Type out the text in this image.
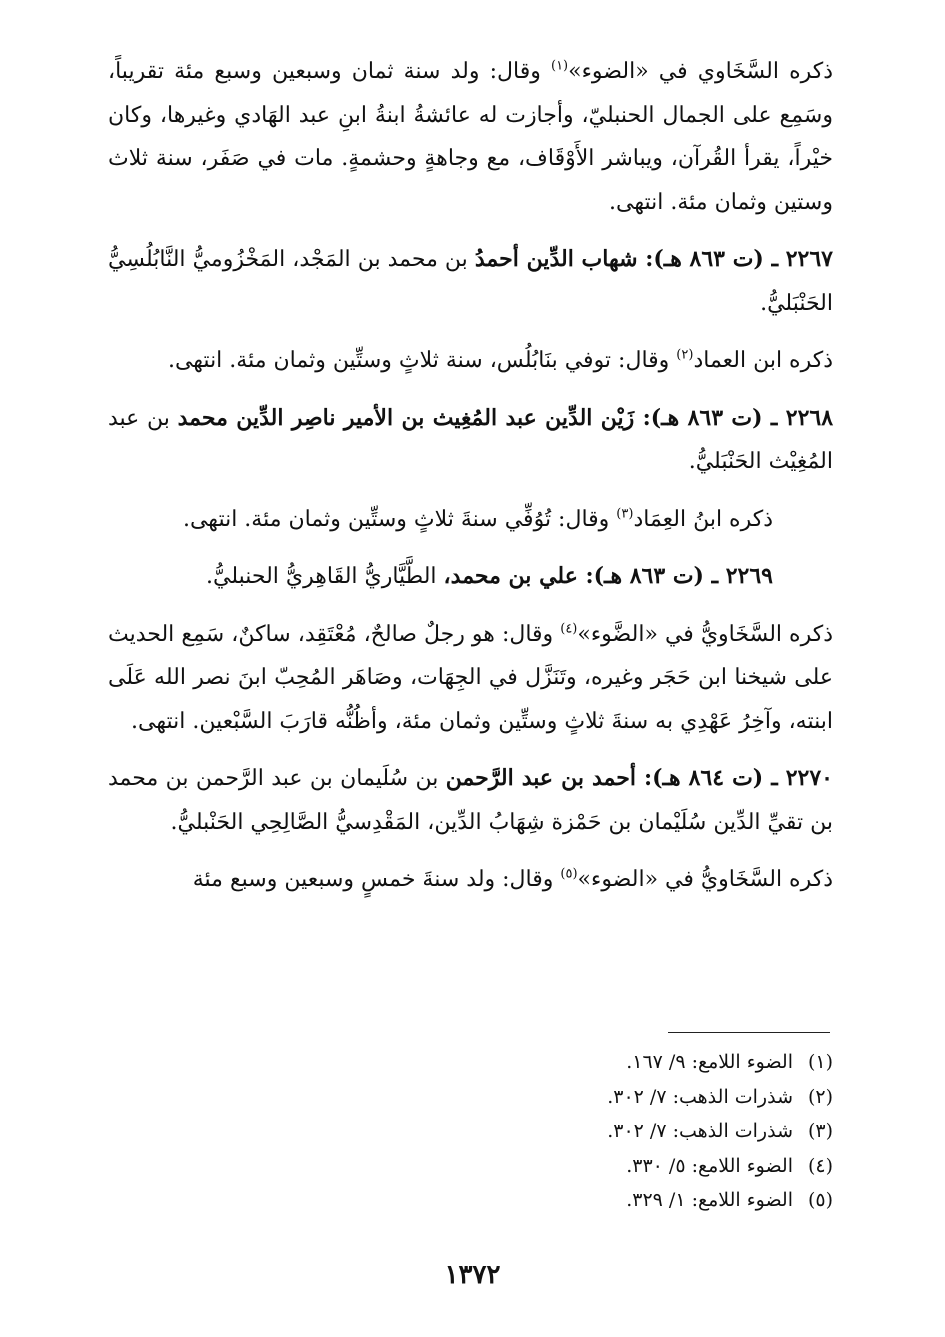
ذكره السَّخَاوي في «الضوء»$^{(١)}$ وقال: ولد سنة ثمان وسبعين وسبع مئة تقريباً، وسَمِع على الجمال الحنبليّ، وأجازت له عائشةُ ابنةُ ابنِ عبد الهَادي وغيرها، وكان خيْراً، يقرأ القُرآن، ويباشر الأَوْقَاف، مع وجاهةٍ وحشمةٍ. مات في صَفَر، سنة ثلاث وستين وثمان مئة. انتهى.

٢٢٦٧ ـ (ت ٨٦٣ هـ): شهاب الدِّين أحمدُ بن محمد بن المَجْد، المَخْزُوميُّ النَّابُلُسِيُّ الحَنْبَليُّ.

ذكره ابن العماد$^{(٢)}$ وقال: توفي بنَابُلُس، سنة ثلاثٍ وستِّين وثمان مئة. انتهى.

٢٢٦٨ ـ (ت ٨٦٣ هـ): زَيْن الدِّين عبد المُغِيث بن الأمير ناصِر الدِّين محمد بن عبد المُغِيْث الحَنْبَليُّ.

ذكره ابنُ العِمَاد$^{(٣)}$ وقال: تُوُفِّي سنةَ ثلاثٍ وستِّين وثمان مئة. انتهى.

٢٢٦٩ ـ (ت ٨٦٣ هـ): علي بن محمد، الطَّيَّاريُّ القَاهِريُّ الحنبليُّ.

ذكره السَّخَاويُّ في «الضَّوء»$^{(٤)}$ وقال: هو رجلٌ صالحٌ، مُعْتَقِد، ساكنٌ، سَمِع الحديث على شيخنا ابن حَجَر وغيره، وتَنَزَّل في الجِهَات، وصَاهَر المُحِبّ ابنَ نصر الله عَلَى ابنته، وآخِرُ عَهْدِي به سنةَ ثلاثٍ وستِّين وثمان مئة، وأظُنُّه قارَبَ السَّبْعين. انتهى.

٢٢٧٠ ـ (ت ٨٦٤ هـ): أحمد بن عبد الرَّحمن بن سُلَيمان بن عبد الرَّحمن بن محمد بن تقيِّ الدِّين سُلَيْمان بن حَمْزة شِهَابُ الدِّين، المَقْدِسيُّ الصَّالِحِي الحَنْبليُّ.

ذكره السَّخَاويُّ في «الضوء»$^{(٥)}$ وقال: ولد سنةَ خمسٍ وسبعين وسبع مئة

(١)
الضوء اللامع: ٩/ ١٦٧.
(٢)
شذرات الذهب: ٧/ ٣٠٢.
(٣)
شذرات الذهب: ٧/ ٣٠٢.
(٤)
الضوء اللامع: ٥/ ٣٣٠.
(٥)
الضوء اللامع: ١/ ٣٢٩.
١٣٧٢
